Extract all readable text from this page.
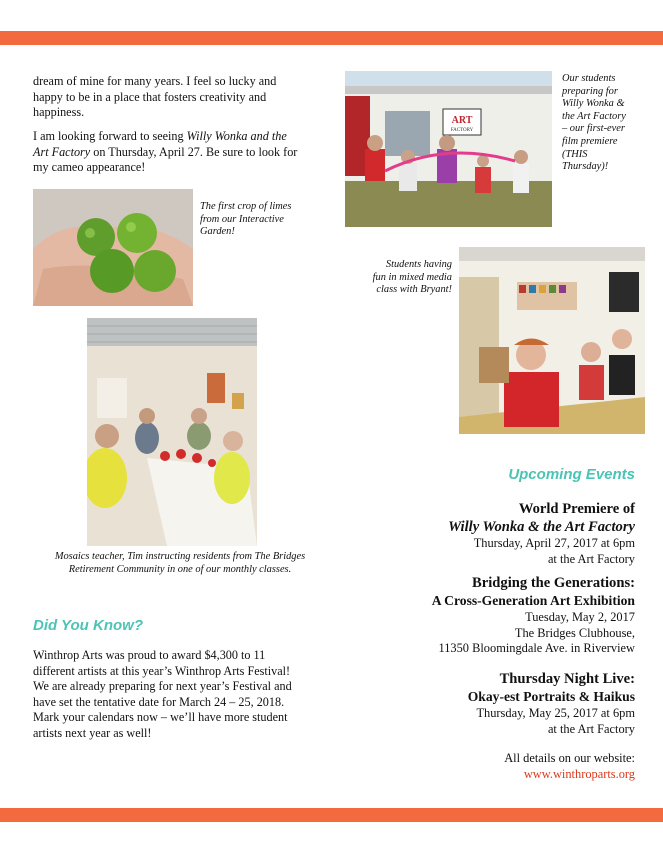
dream of mine for many years. I feel so lucky and
happy to be in a place that fosters creativity and
happiness.

I am looking forward to seeing Willy Wonka and the
Art Factory on Thursday, April 27. Be sure to look for
my cameo appearance!

The first crop of limes
from our Interactive
Garden!

Mosaics teacher, Tim instructing residents from The Bridges
Retirement Community in one of our monthly classes.

Did You Know?

Winthrop Arts was proud to award $4,300 to 11
different artists at this year’s Winthrop Arts Festival!
We are already preparing for next year’s Festival and
have set the tentative date for March 24 – 25, 2018.
Mark your calendars now – we’ll have more student
artists next year as well!

ART
FACTORY

Our students
preparing for
Willy Wonka &
the Art Factory
– our first-ever
film premiere
(THIS
Thursday)!

Students having
fun in mixed media
class with Bryant!

Upcoming Events

World Premiere of

Willy Wonka & the Art Factory

Thursday, April 27, 2017 at 6pm

at the Art Factory

Bridging the Generations:

A Cross-Generation Art Exhibition

Tuesday, May 2, 2017

The Bridges Clubhouse,

11350 Bloomingdale Ave. in Riverview

Thursday Night Live:

Okay-est Portraits & Haikus

Thursday, May 25, 2017 at 6pm

at the Art Factory

All details on our website:

www.winthroparts.org
